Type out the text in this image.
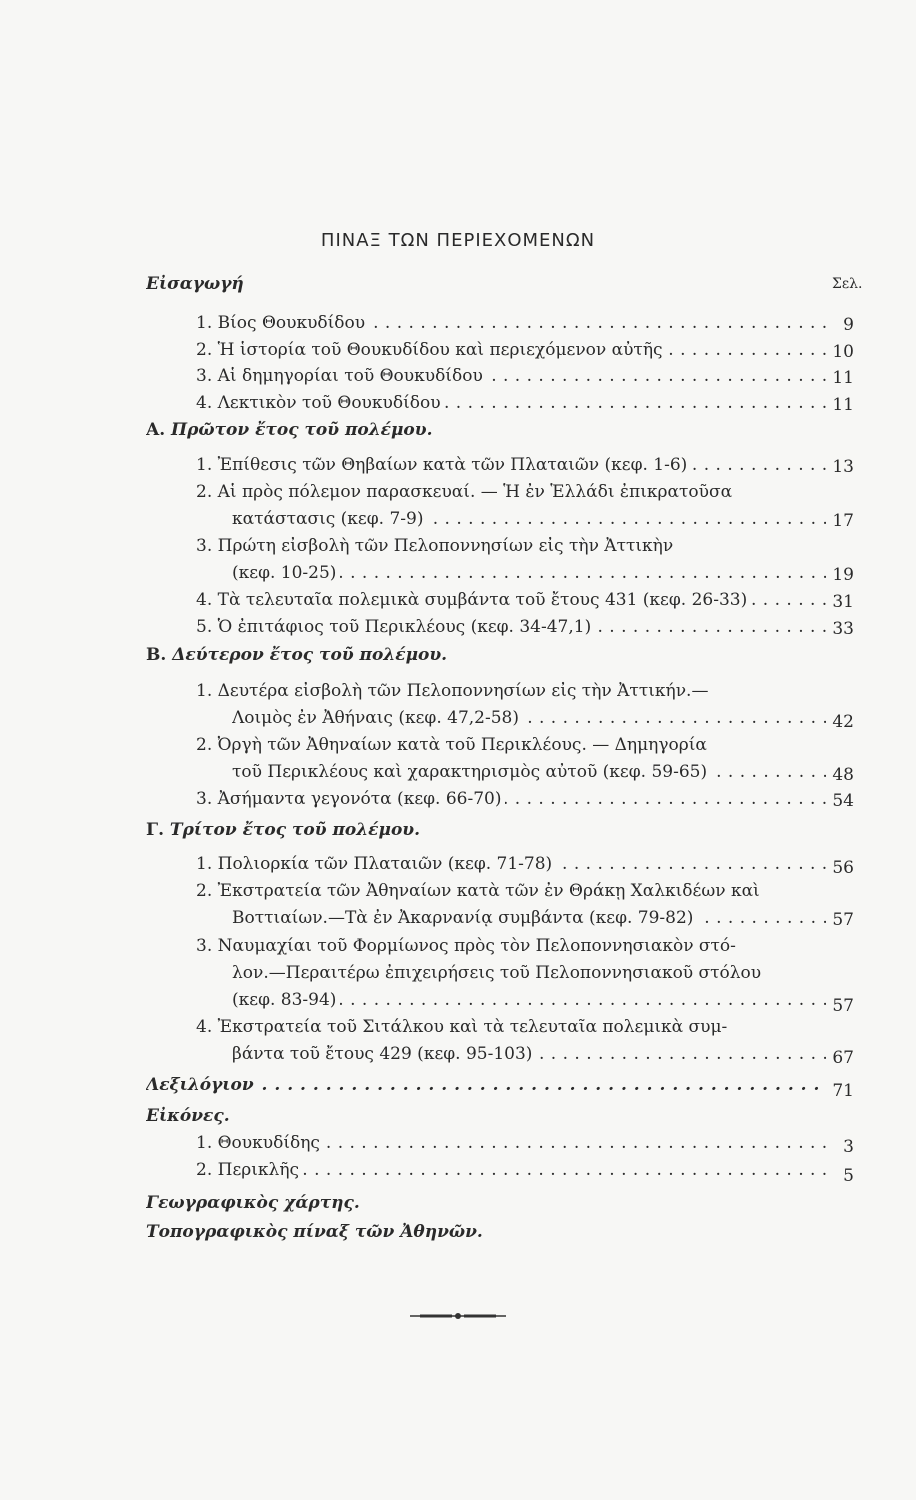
ΠΙΝΑΞ ΤΩΝ ΠΕΡΙΕΧΟΜΕΝΩΝ
Σελ.
Εἰσαγωγή
1. Βίος Θουκυδίδου . . .	9
2. Ἡ ἱστορία τοῦ Θουκυδίδου καὶ περιεχόμενον αὐτῆς . . .	10
3. Αἱ δημηγορίαι τοῦ Θουκυδίδου . . .	11
4. Λεκτικὸν τοῦ Θουκυδίδου . . .	11
Α. Πρῶτον ἔτος τοῦ πολέμου.
1. Ἐπίθεσις τῶν Θηβαίων κατὰ τῶν Πλαταιῶν (κεφ. 1-6) . . .	13
2. Αἱ πρὸς πόλεμον παρασκευαί. — Ἡ ἐν Ἑλλάδι ἐπικρατοῦσα
κατάστασις (κεφ. 7-9) . . .	17
3. Πρώτη εἰσβολὴ τῶν Πελοποννησίων εἰς τὴν Ἀττικὴν
(κεφ. 10-25) . . .	19
4. Τὰ τελευταῖα πολεμικὰ συμβάντα τοῦ ἔτους 431 (κεφ. 26-33) . . .	31
5. Ὁ ἐπιτάφιος τοῦ Περικλέους (κεφ. 34-47,1) . . .	33
Β. Δεύτερον ἔτος τοῦ πολέμου.
1. Δευτέρα εἰσβολὴ τῶν Πελοποννησίων εἰς τὴν Ἀττικήν.—
Λοιμὸς ἐν Ἀθήναις (κεφ. 47,2-58) . . .	42
2. Ὀργὴ τῶν Ἀθηναίων κατὰ τοῦ Περικλέους. — Δημηγορία
τοῦ Περικλέους καὶ χαρακτηρισμὸς αὐτοῦ (κεφ. 59-65) . . .	48
3. Ἀσήμαντα γεγονότα (κεφ. 66-70) . . .	54
Γ. Τρίτον ἔτος τοῦ πολέμου.
1. Πολιορκία τῶν Πλαταιῶν (κεφ. 71-78) . . .	56
2. Ἐκστρατεία τῶν Ἀθηναίων κατὰ τῶν ἐν Θράκῃ Χαλκιδέων καὶ
Βοττιαίων.—Τὰ ἐν Ἀκαρνανίᾳ συμβάντα (κεφ. 79-82) . . .	57
3. Ναυμαχίαι τοῦ Φορμίωνος πρὸς τὸν Πελοποννησιακὸν στό-
λον.—Περαιτέρω ἐπιχειρήσεις τοῦ Πελοποννησιακοῦ στόλου
(κεφ. 83-94) . . .	57
4. Ἐκστρατεία τοῦ Σιτάλκου καὶ τὰ τελευταῖα πολεμικὰ συμ-
βάντα τοῦ ἔτους 429 (κεφ. 95-103) . . .	67
Λεξιλόγιον . . .	71
Εἰκόνες.
1. Θουκυδίδης . . .	3
2. Περικλῆς . . .	5
Γεωγραφικὸς χάρτης.
Τοπογραφικὸς πίναξ τῶν Ἀθηνῶν.
